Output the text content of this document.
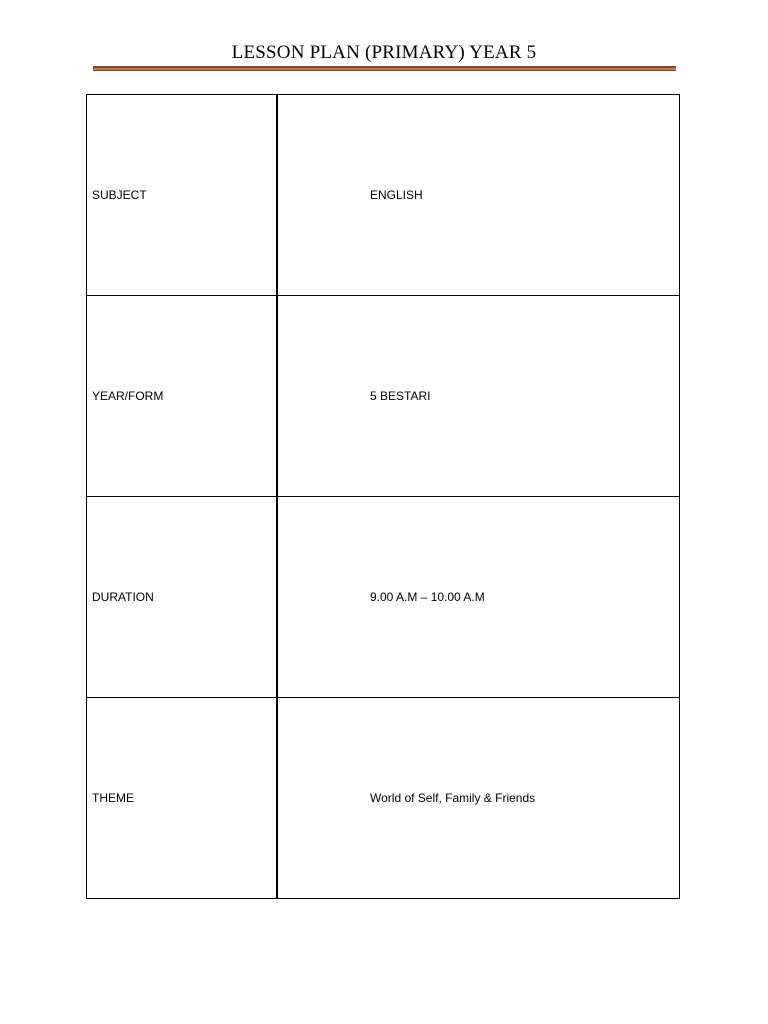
LESSON PLAN (PRIMARY) YEAR 5
SUBJECT	ENGLISH
YEAR/FORM	5 BESTARI
DURATION	9.00 A.M – 10.00 A.M
THEME	World of Self, Family & Friends
